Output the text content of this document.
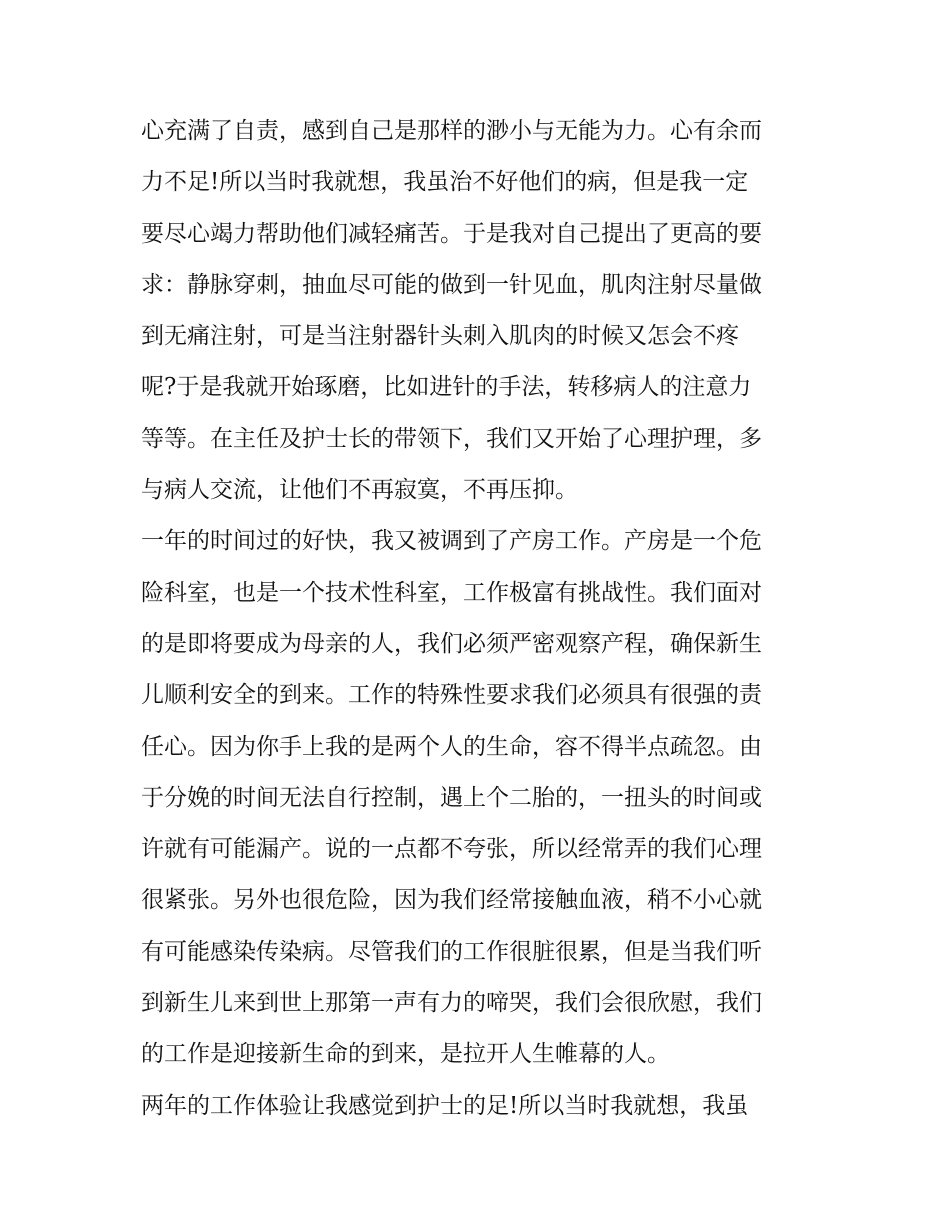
心充满了自责，感到自己是那样的渺小与无能为力。心有余而
力不足!所以当时我就想，我虽治不好他们的病，但是我一定
要尽心竭力帮助他们减轻痛苦。于是我对自己提出了更高的要
求：静脉穿刺，抽血尽可能的做到一针见血，肌肉注射尽量做
到无痛注射，可是当注射器针头刺入肌肉的时候又怎会不疼
呢?于是我就开始琢磨，比如进针的手法，转移病人的注意力
等等。在主任及护士长的带领下，我们又开始了心理护理，多
与病人交流，让他们不再寂寞，不再压抑。
一年的时间过的好快，我又被调到了产房工作。产房是一个危
险科室，也是一个技术性科室，工作极富有挑战性。我们面对
的是即将要成为母亲的人，我们必须严密观察产程，确保新生
儿顺利安全的到来。工作的特殊性要求我们必须具有很强的责
任心。因为你手上我的是两个人的生命，容不得半点疏忽。由
于分娩的时间无法自行控制，遇上个二胎的，一扭头的时间或
许就有可能漏产。说的一点都不夸张，所以经常弄的我们心理
很紧张。另外也很危险，因为我们经常接触血液，稍不小心就
有可能感染传染病。尽管我们的工作很脏很累，但是当我们听
到新生儿来到世上那第一声有力的啼哭，我们会很欣慰，我们
的工作是迎接新生命的到来，是拉开人生帷幕的人。
两年的工作体验让我感觉到护士的足!所以当时我就想，我虽
